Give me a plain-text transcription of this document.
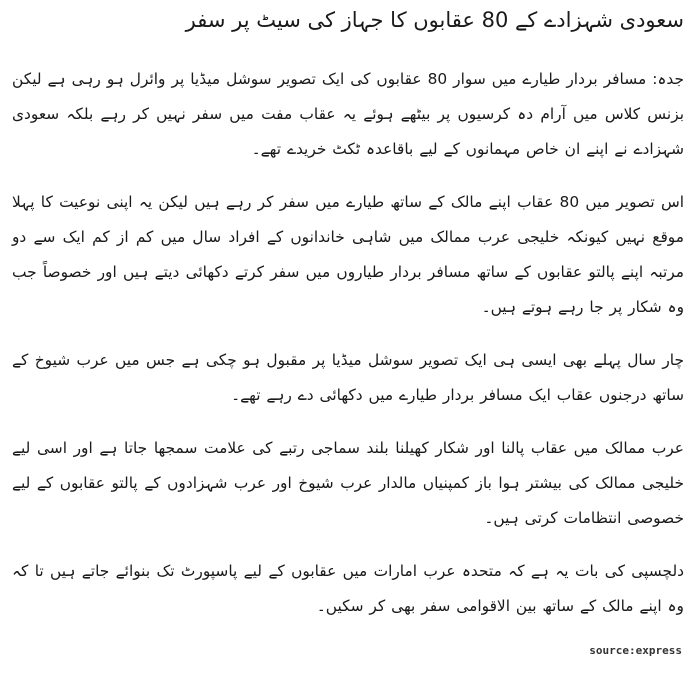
سعودی شہزادے کے 80 عقابوں کا جہاز کی سیٹ پر سفر

جدہ: مسافر بردار طیارے میں سوار 80 عقابوں کی ایک تصویر سوشل میڈیا پر وائرل ہو رہی ہے لیکن بزنس کلاس میں آرام دہ کرسیوں پر بیٹھے ہوئے یہ عقاب مفت میں سفر نہیں کر رہے بلکہ سعودی شہزادے نے اپنے ان خاص مہمانوں کے لیے باقاعدہ ٹکٹ خریدے تھے۔

اس تصویر میں 80 عقاب اپنے مالک کے ساتھ طیارے میں سفر کر رہے ہیں لیکن یہ اپنی نوعیت کا پہلا موقع نہیں کیونکہ خلیجی عرب ممالک میں شاہی خاندانوں کے افراد سال میں کم از کم ایک سے دو مرتبہ اپنے پالتو عقابوں کے ساتھ مسافر بردار طیاروں میں سفر کرتے دکھائی دیتے ہیں اور خصوصاً جب وہ شکار پر جا رہے ہوتے ہیں۔

چار سال پہلے بھی ایسی ہی ایک تصویر سوشل میڈیا پر مقبول ہو چکی ہے جس میں عرب شیوخ کے ساتھ درجنوں عقاب ایک مسافر بردار طیارے میں دکھائی دے رہے تھے۔

عرب ممالک میں عقاب پالنا اور شکار کھیلنا بلند سماجی رتبے کی علامت سمجھا جاتا ہے اور اسی لیے خلیجی ممالک کی بیشتر ہوا باز کمپنیاں مالدار عرب شیوخ اور عرب شہزادوں کے پالتو عقابوں کے لیے خصوصی انتظامات کرتی ہیں۔

دلچسپی کی بات یہ ہے کہ متحدہ عرب امارات میں عقابوں کے لیے پاسپورٹ تک بنوائے جاتے ہیں تا کہ وہ اپنے مالک کے ساتھ بین الاقوامی سفر بھی کر سکیں۔

source:express
